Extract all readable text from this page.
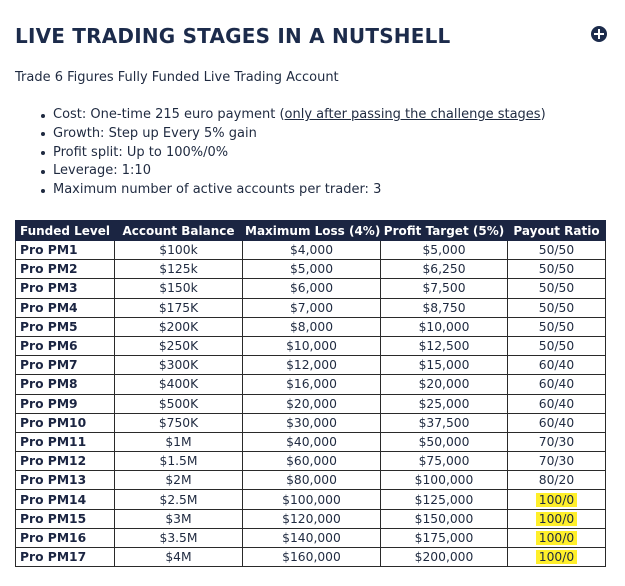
LIVE TRADING STAGES IN A NUTSHELL
Trade 6 Figures Fully Funded Live Trading Account
Cost: One-time 215 euro payment (only after passing the challenge stages)
Growth: Step up Every 5% gain
Profit split: Up to 100%/0%
Leverage: 1:10
Maximum number of active accounts per trader: 3
Funded Level	Account Balance	Maximum Loss (4%)	Profit Target (5%)	Payout Ratio
Pro PM1	$100k	$4,000	$5,000	50/50
Pro PM2	$125k	$5,000	$6,250	50/50
Pro PM3	$150k	$6,000	$7,500	50/50
Pro PM4	$175K	$7,000	$8,750	50/50
Pro PM5	$200K	$8,000	$10,000	50/50
Pro PM6	$250K	$10,000	$12,500	50/50
Pro PM7	$300K	$12,000	$15,000	60/40
Pro PM8	$400K	$16,000	$20,000	60/40
Pro PM9	$500K	$20,000	$25,000	60/40
Pro PM10	$750K	$30,000	$37,500	60/40
Pro PM11	$1M	$40,000	$50,000	70/30
Pro PM12	$1.5M	$60,000	$75,000	70/30
Pro PM13	$2M	$80,000	$100,000	80/20
Pro PM14	$2.5M	$100,000	$125,000	100/0
Pro PM15	$3M	$120,000	$150,000	100/0
Pro PM16	$3.5M	$140,000	$175,000	100/0
Pro PM17	$4M	$160,000	$200,000	100/0
